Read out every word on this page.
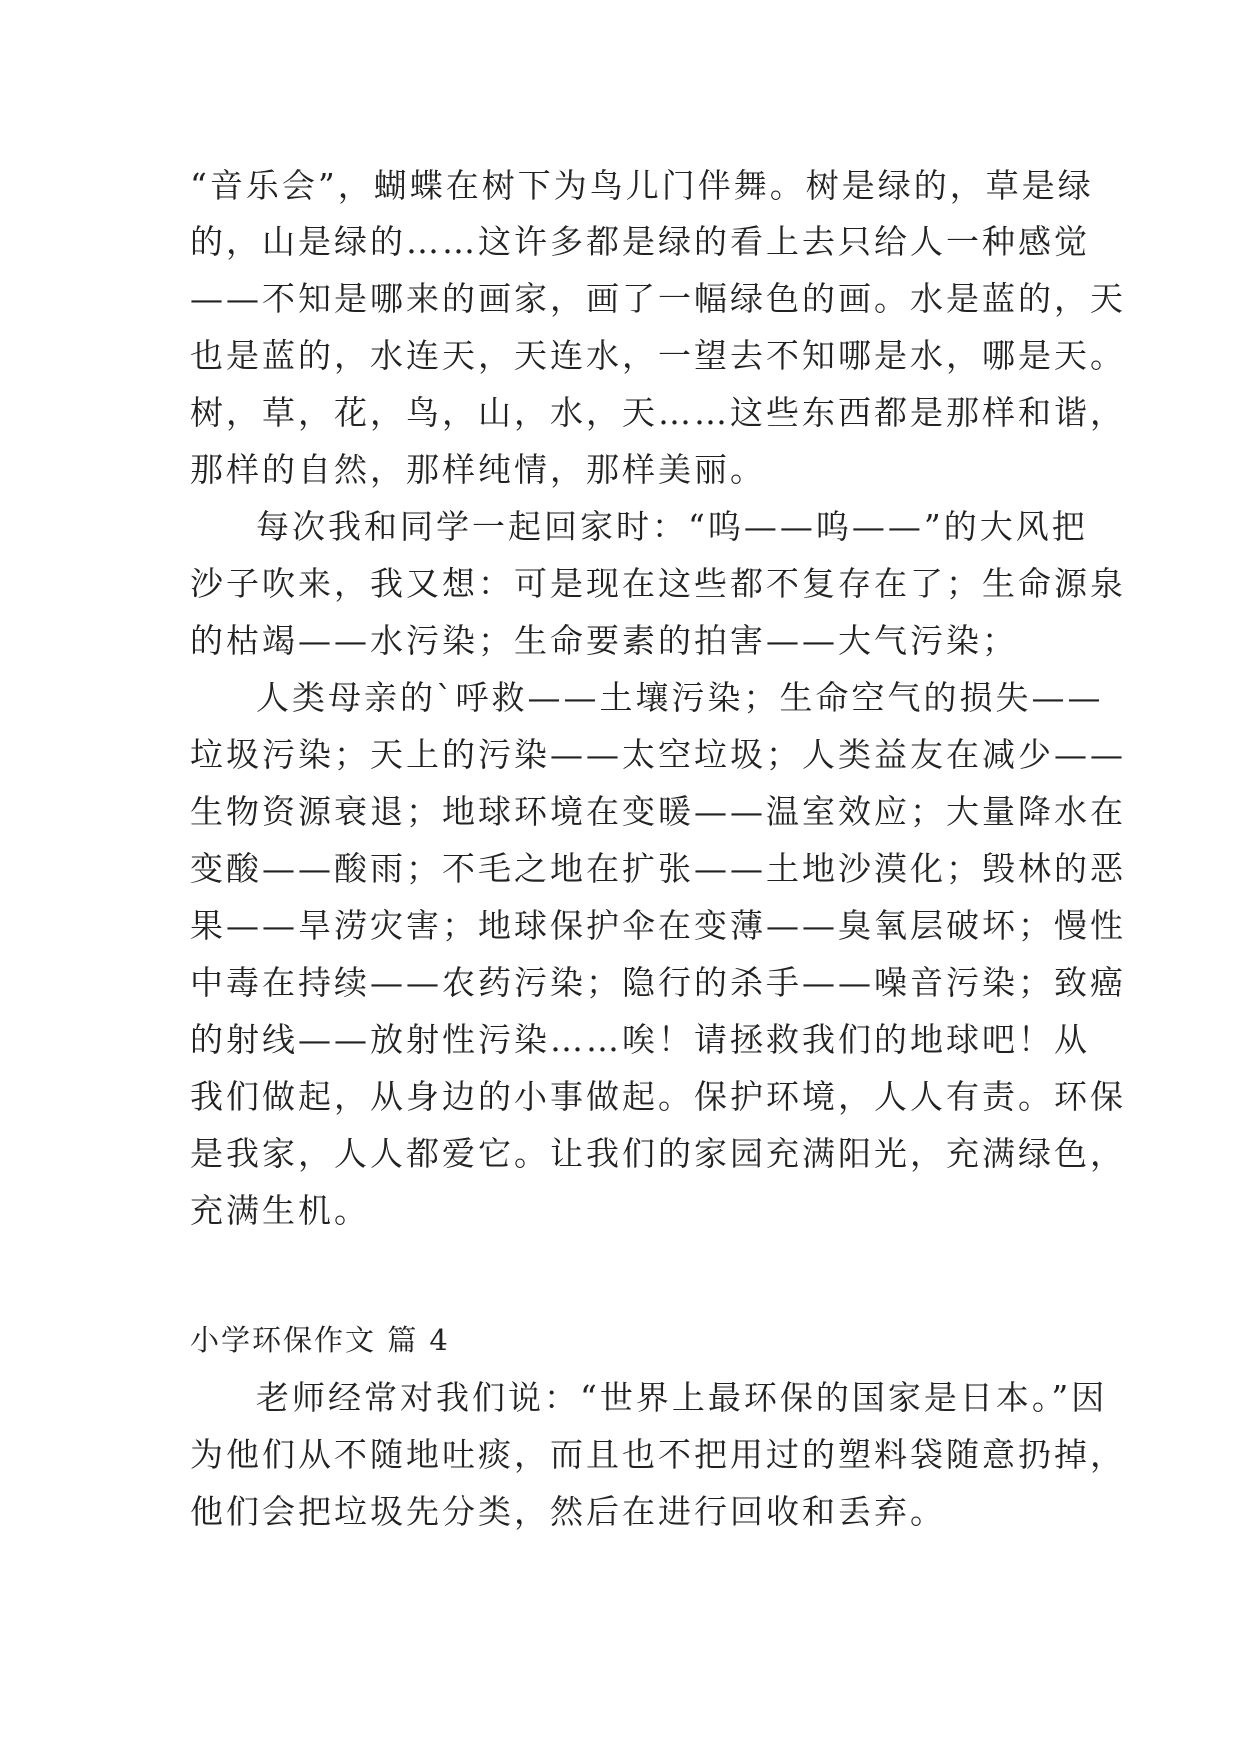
“音乐会”，蝴蝶在树下为鸟儿门伴舞。树是绿的，草是绿
的，山是绿的……这许多都是绿的看上去只给人一种感觉
——不知是哪来的画家，画了一幅绿色的画。水是蓝的，天
也是蓝的，水连天，天连水，一望去不知哪是水，哪是天。
树，草，花，鸟，山，水，天……这些东西都是那样和谐，
那样的自然，那样纯情，那样美丽。
每次我和同学一起回家时：“呜——呜——”的大风把
沙子吹来，我又想：可是现在这些都不复存在了；生命源泉
的枯竭——水污染；生命要素的拍害——大气污染；
人类母亲的`呼救——土壤污染；生命空气的损失——
垃圾污染；天上的污染——太空垃圾；人类益友在减少——
生物资源衰退；地球环境在变暖——温室效应；大量降水在
变酸——酸雨；不毛之地在扩张——土地沙漠化；毁林的恶
果——旱涝灾害；地球保护伞在变薄——臭氧层破坏；慢性
中毒在持续——农药污染；隐行的杀手——噪音污染；致癌
的射线——放射性污染……唉！请拯救我们的地球吧！从
我们做起，从身边的小事做起。保护环境，人人有责。环保
是我家，人人都爱它。让我们的家园充满阳光，充满绿色，
充满生机。
小学环保作文 篇 4
老师经常对我们说：“世界上最环保的国家是日本。”因
为他们从不随地吐痰，而且也不把用过的塑料袋随意扔掉，
他们会把垃圾先分类，然后在进行回收和丢弃。
